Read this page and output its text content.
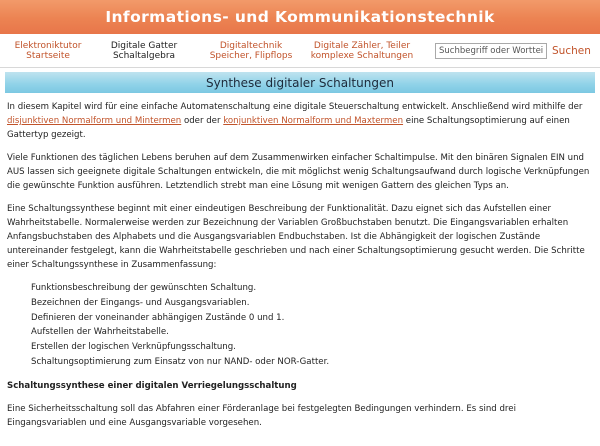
Informations- und Kommunikationstechnik
Elektroniktutor
Startseite
Digitale Gatter
Schaltalgebra
Digitaltechnik
Speicher, Flipflops
Digitale Zähler, Teiler
komplexe Schaltungen
Suchbegriff oder Wortteil	Suchen
Synthese digitaler Schaltungen

In diesem Kapitel wird für eine einfache Automatenschaltung eine digitale Steuerschaltung entwickelt. Anschließend wird mithilfe der disjunktiven Normalform und Mintermen oder der konjunktiven Normalform und Maxtermen eine Schaltungsoptimierung auf einen Gattertyp gezeigt.

Viele Funktionen des täglichen Lebens beruhen auf dem Zusammenwirken einfacher Schaltimpulse. Mit den binären Signalen EIN und AUS lassen sich geeignete digitale Schaltungen entwickeln, die mit möglichst wenig Schaltungsaufwand durch logische Verknüpfungen die gewünschte Funktion ausführen. Letztendlich strebt man eine Lösung mit wenigen Gattern des gleichen Typs an.

Eine Schaltungssynthese beginnt mit einer eindeutigen Beschreibung der Funktionalität. Dazu eignet sich das Aufstellen einer Wahrheitstabelle. Normalerweise werden zur Bezeichnung der Variablen Großbuchstaben benutzt. Die Eingangsvariablen erhalten Anfangsbuchstaben des Alphabets und die Ausgangsvariablen Endbuchstaben. Ist die Abhängigkeit der logischen Zustände untereinander festgelegt, kann die Wahrheitstabelle geschrieben und nach einer Schaltungsoptimierung gesucht werden. Die Schritte einer Schaltungssynthese in Zusammenfassung:

Funktionsbeschreibung der gewünschten Schaltung.
Bezeichnen der Eingangs- und Ausgangsvariablen.
Definieren der voneinander abhängigen Zustände 0 und 1.
Aufstellen der Wahrheitstabelle.
Erstellen der logischen Verknüpfungsschaltung.
Schaltungsoptimierung zum Einsatz von nur NAND- oder NOR-Gatter.

Schaltungssynthese einer digitalen Verriegelungsschaltung

Eine Sicherheitsschaltung soll das Abfahren einer Förderanlage bei festgelegten Bedingungen verhindern. Es sind drei Eingangsvariablen und eine Ausgangsvariable vorgesehen.
